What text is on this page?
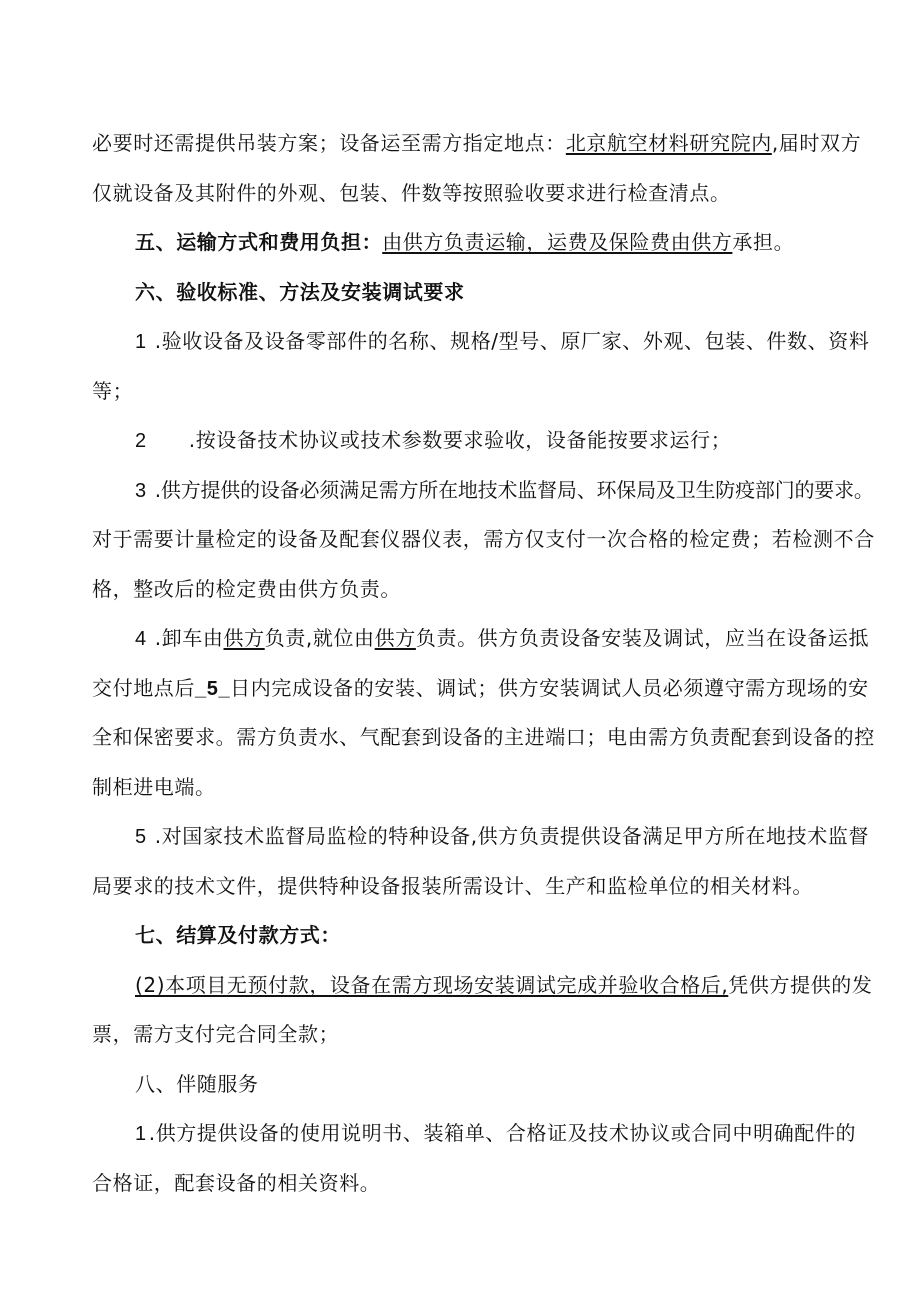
必要时还需提供吊装方案；设备运至需方指定地点：北京航空材料研究院内,届时双方
仅就设备及其附件的外观、包装、件数等按照验收要求进行检查清点。
五、运输方式和费用负担：由供方负责运输，运费及保险费由供方承担。
六、验收标准、方法及安装调试要求
1 .验收设备及设备零部件的名称、规格/型号、原厂家、外观、包装、件数、资料
等；
2 .按设备技术协议或技术参数要求验收，设备能按要求运行；
3 .供方提供的设备必须满足需方所在地技术监督局、环保局及卫生防疫部门的要求。
对于需要计量检定的设备及配套仪器仪表，需方仅支付一次合格的检定费；若检测不合
格，整改后的检定费由供方负责。
4 .卸车由供方负责,就位由供方负责。供方负责设备安装及调试，应当在设备运抵
交付地点后_5_日内完成设备的安装、调试；供方安装调试人员必须遵守需方现场的安
全和保密要求。需方负责水、气配套到设备的主进端口；电由需方负责配套到设备的控
制柜进电端。
5 .对国家技术监督局监检的特种设备,供方负责提供设备满足甲方所在地技术监督
局要求的技术文件，提供特种设备报装所需设计、生产和监检单位的相关材料。
七、结算及付款方式：
(2)本项目无预付款，设备在需方现场安装调试完成并验收合格后,凭供方提供的发
票，需方支付完合同全款；
八、伴随服务
1 .供方提供设备的使用说明书、装箱单、合格证及技术协议或合同中明确配件的
合格证，配套设备的相关资料。
